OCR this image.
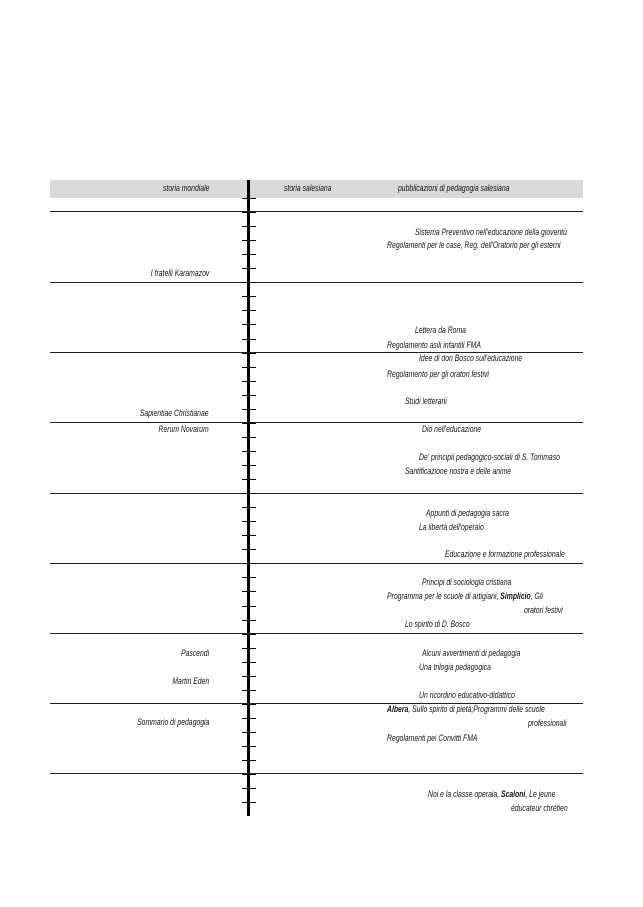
storia mondiale	storia salesiana	pubblicazioni di pedagogia salesiana
I fratelli Karamazov
Sapientiae Christianae
Rerum Novarum
Pascendi
Martin Eden
Sommario di pedagogia
Sistema Preventivo nell'educazione della gioventù
Regolamenti per le case, Reg. dell'Oratorio per gli esterni
Lettera da Roma
Regolamento asili infantili FMA
Idee di don Bosco sull'educazione
Regolamento per gli oratori festivi
Studi letterarii
Dio nell'educazione
De' principii pedagogico-sociali di S. Tommaso
Santificazione nostra e delle anime
Appunti di pedagogia sacra
La libertà dell'operaio
Educazione e formazione professionale
Principi di sociologia cristiana
Programma per le scuole di artigiani, Simplicio, Gli
oratori festivi
Lo spirito di D. Bosco
Alcuni avvertimenti di pedagogia
Una trilogia pedagogica
Un ricordino educativo-didattico
Albera, Sullo spirito di pietà;Programmi delle scuole
professionali
Regolamenti pei Convitti FMA
Noi e la classe operaia, Scaloni, Le jeune
éducateur chrétien
